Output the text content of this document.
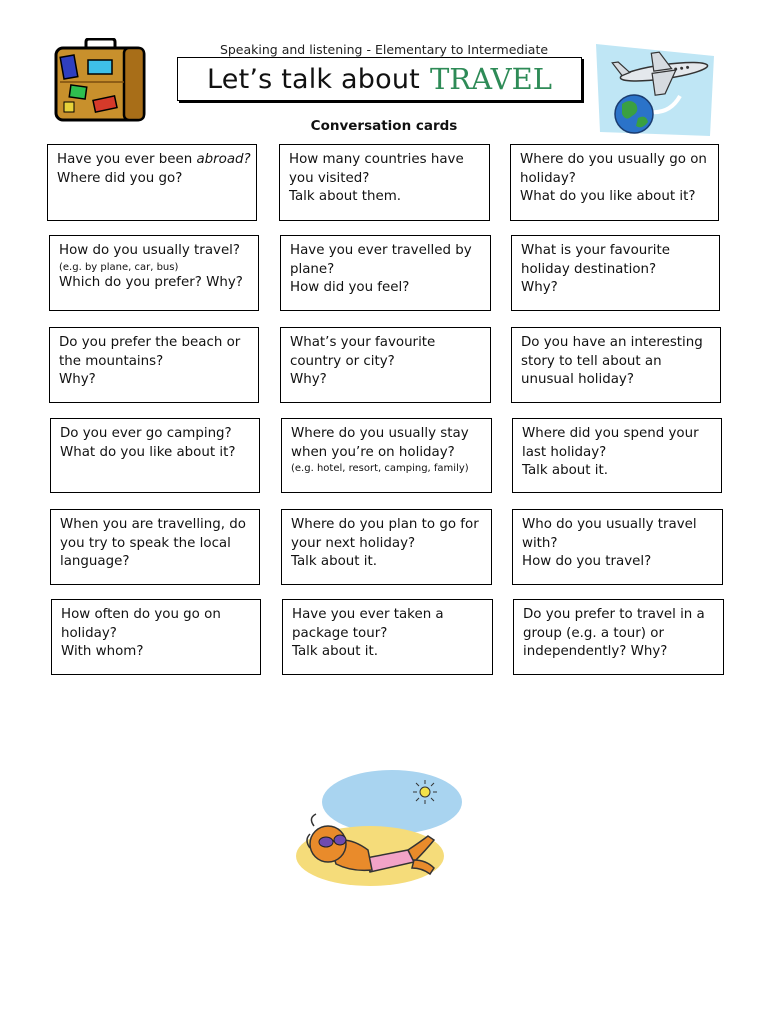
Speaking and listening - Elementary to Intermediate
Let’s talk about TRAVEL
Conversation cards
Have you ever been abroad?
Where did you go?
How many countries have
you visited?
Talk about them.
Where do you usually go on
holiday?
What do you like about it?
How do you usually travel?
(e.g. by plane, car, bus)
Which do you prefer? Why?
Have you ever travelled by
plane?
How did you feel?
What is your favourite
holiday destination?
Why?
Do you prefer the beach or
the mountains?
Why?
What’s your favourite
country or city?
Why?
Do you have an interesting
story to tell about an
unusual holiday?
Do you ever go camping?
What do you like about it?
Where do you usually stay
when you’re on holiday?
(e.g. hotel, resort, camping, family)
Where did you spend your
last holiday?
Talk about it.
When you are travelling, do
you try to speak the local
language?
Where do you plan to go for
your next holiday?
Talk about it.
Who do you usually travel
with?
How do you travel?
How often do you go on
holiday?
With whom?
Have you ever taken a
package tour?
Talk about it.
Do you prefer to travel in a
group (e.g. a tour) or
independently? Why?
